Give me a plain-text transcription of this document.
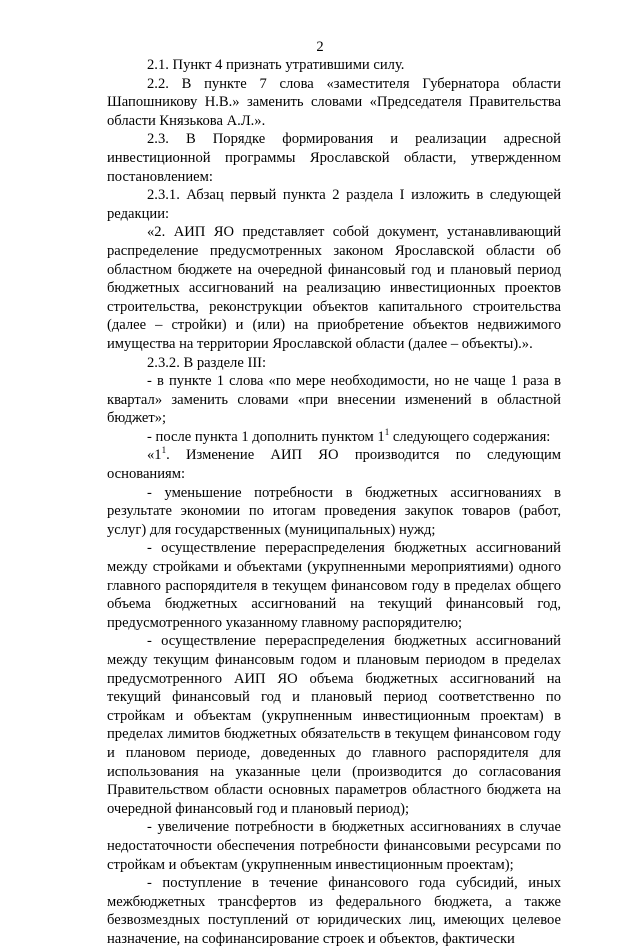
2

2.1. Пункт 4 признать утратившими силу.

2.2. В пункте 7 слова «заместителя Губернатора области Шапошникову Н.В.» заменить словами «Председателя Правительства области Князькова А.Л.».

2.3. В Порядке формирования и реализации адресной инвестиционной программы Ярославской области, утвержденном постановлением:

2.3.1. Абзац первый пункта 2 раздела I изложить в следующей редакции:

«2. АИП ЯО представляет собой документ, устанавливающий распределение предусмотренных законом Ярославской области об областном бюджете на очередной финансовый год и плановый период бюджетных ассигнований на реализацию инвестиционных проектов строительства, реконструкции объектов капитального строительства (далее – стройки) и (или) на приобретение объектов недвижимого имущества на территории Ярославской области (далее – объекты).».

2.3.2. В разделе III:

- в пункте 1 слова «по мере необходимости, но не чаще 1 раза в квартал» заменить словами «при внесении изменений в областной бюджет»;

- после пункта 1 дополнить пунктом $1^1$ следующего содержания:

«$1^1$. Изменение АИП ЯО производится по следующим основаниям:

- уменьшение потребности в бюджетных ассигнованиях в результате экономии по итогам проведения закупок товаров (работ, услуг) для государственных (муниципальных) нужд;

- осуществление перераспределения бюджетных ассигнований между стройками и объектами (укрупненными мероприятиями) одного главного распорядителя в текущем финансовом году в пределах общего объема бюджетных ассигнований на текущий финансовый год, предусмотренного указанному главному распорядителю;

- осуществление перераспределения бюджетных ассигнований между текущим финансовым годом и плановым периодом в пределах предусмотренного АИП ЯО объема бюджетных ассигнований на текущий финансовый год и плановый период соответственно по стройкам и объектам (укрупненным инвестиционным проектам) в пределах лимитов бюджетных обязательств в текущем финансовом году и плановом периоде, доведенных до главного распорядителя для использования на указанные цели (производится до согласования Правительством области основных параметров областного бюджета на очередной финансовый год и плановый период);

- увеличение потребности в бюджетных ассигнованиях в случае недостаточности обеспечения потребности финансовыми ресурсами по стройкам и объектам (укрупненным инвестиционным проектам);

- поступление в течение финансового года субсидий, иных межбюджетных трансфертов из федерального бюджета, а также безвозмездных поступлений от юридических лиц, имеющих целевое назначение, на софинансирование строек и объектов, фактически
